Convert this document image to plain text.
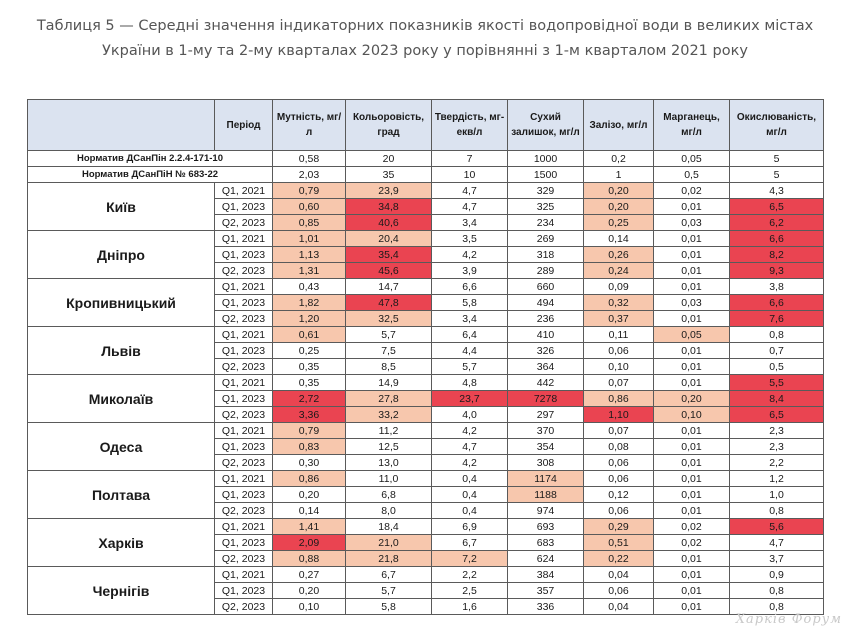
Таблиця 5 — Середні значення індикаторних показників якості водопровідної води в великих містах
України в 1-му та 2-му кварталах 2023 року у порівнянні з 1-м кварталом 2021 року
	Період	Мутність, мг/л	Кольоровість, град	Твердість, мг-екв/л	Сухий залишок, мг/л	Залізо, мг/л	Марганець, мг/л	Окислюваність, мг/л
Норматив ДСанПін 2.2.4-171-10		0,58	20	7	1000	0,2	0,05	5
Норматив ДСанПіН № 683-22		2,03	35	10	1500	1	0,5	5
Київ	Q1, 2021	0,79	23,9	4,7	329	0,20	0,02	4,3
	Q1, 2023	0,60	34,8	4,7	325	0,20	0,01	6,5
	Q2, 2023	0,85	40,6	3,4	234	0,25	0,03	6,2
Дніпро	Q1, 2021	1,01	20,4	3,5	269	0,14	0,01	6,6
	Q1, 2023	1,13	35,4	4,2	318	0,26	0,01	8,2
	Q2, 2023	1,31	45,6	3,9	289	0,24	0,01	9,3
Кропивницький	Q1, 2021	0,43	14,7	6,6	660	0,09	0,01	3,8
	Q1, 2023	1,82	47,8	5,8	494	0,32	0,03	6,6
	Q2, 2023	1,20	32,5	3,4	236	0,37	0,01	7,6
Львів	Q1, 2021	0,61	5,7	6,4	410	0,11	0,05	0,8
	Q1, 2023	0,25	7,5	4,4	326	0,06	0,01	0,7
	Q2, 2023	0,35	8,5	5,7	364	0,10	0,01	0,5
Миколаїв	Q1, 2021	0,35	14,9	4,8	442	0,07	0,01	5,5
	Q1, 2023	2,72	27,8	23,7	7278	0,86	0,20	8,4
	Q2, 2023	3,36	33,2	4,0	297	1,10	0,10	6,5
Одеса	Q1, 2021	0,79	11,2	4,2	370	0,07	0,01	2,3
	Q1, 2023	0,83	12,5	4,7	354	0,08	0,01	2,3
	Q2, 2023	0,30	13,0	4,2	308	0,06	0,01	2,2
Полтава	Q1, 2021	0,86	11,0	0,4	1174	0,06	0,01	1,2
	Q1, 2023	0,20	6,8	0,4	1188	0,12	0,01	1,0
	Q2, 2023	0,14	8,0	0,4	974	0,06	0,01	0,8
Харків	Q1, 2021	1,41	18,4	6,9	693	0,29	0,02	5,6
	Q1, 2023	2,09	21,0	6,7	683	0,51	0,02	4,7
	Q2, 2023	0,88	21,8	7,2	624	0,22	0,01	3,7
Чернігів	Q1, 2021	0,27	6,7	2,2	384	0,04	0,01	0,9
	Q1, 2023	0,20	5,7	2,5	357	0,06	0,01	0,8
	Q2, 2023	0,10	5,8	1,6	336	0,04	0,01	0,8
Харків Форум
